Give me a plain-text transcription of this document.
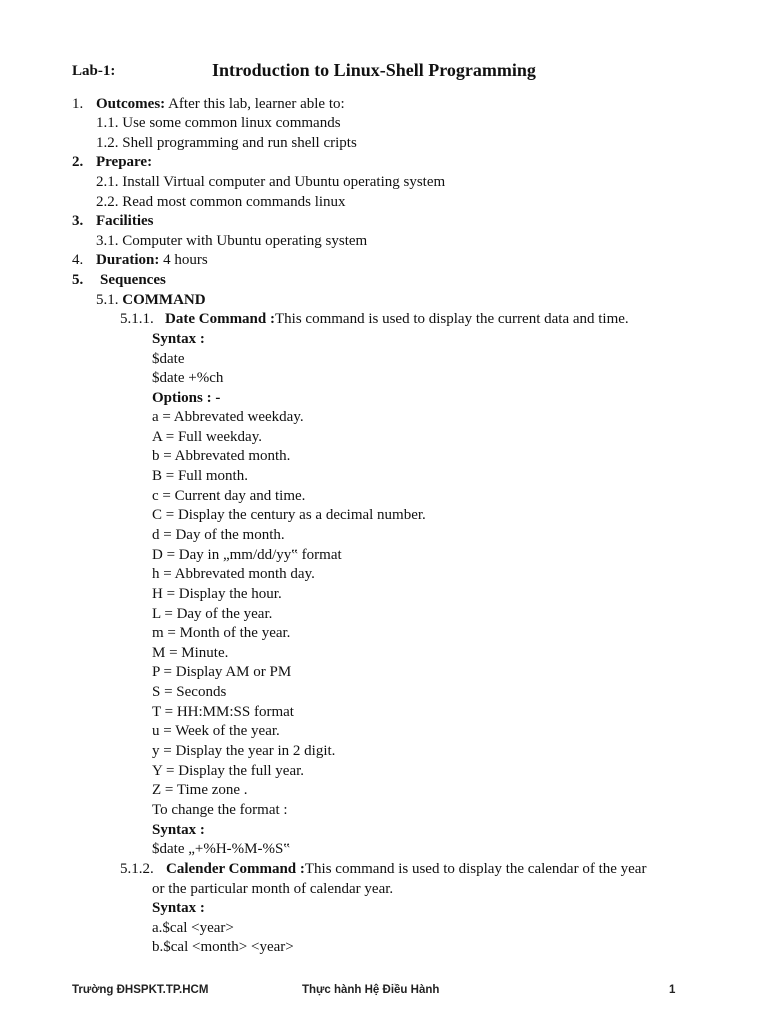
Lab-1:	Introduction to Linux-Shell Programming
1. Outcomes: After this lab, learner able to:
1.1. Use some common linux commands
1.2. Shell programming and run shell cripts
2. Prepare:
2.1. Install Virtual computer and Ubuntu operating system
2.2. Read most common commands linux
3. Facilities
3.1. Computer with Ubuntu operating system
4. Duration: 4 hours
5. Sequences
5.1. COMMAND
5.1.1. Date Command :This command is used to display the current data and time.
Syntax :
$date
$date +%ch
Options : -
a = Abbrevated weekday.
A = Full weekday.
b = Abbrevated month.
B = Full month.
c = Current day and time.
C = Display the century as a decimal number.
d = Day of the month.
D = Day in „mm/dd/yy‟ format
h = Abbrevated month day.
H = Display the hour.
L = Day of the year.
m = Month of the year.
M = Minute.
P = Display AM or PM
S = Seconds
T = HH:MM:SS format
u = Week of the year.
y = Display the year in 2 digit.
Y = Display the full year.
Z = Time zone .
To change the format :
Syntax :
$date „+%H-%M-%S‟
5.1.2. Calender Command :This command is used to display the calendar of the year
or the particular month of calendar year.
Syntax :
a.$cal <year>
b.$cal <month> <year>
Trường ĐHSPKT.TP.HCM	Thực hành Hệ Điều Hành	1
